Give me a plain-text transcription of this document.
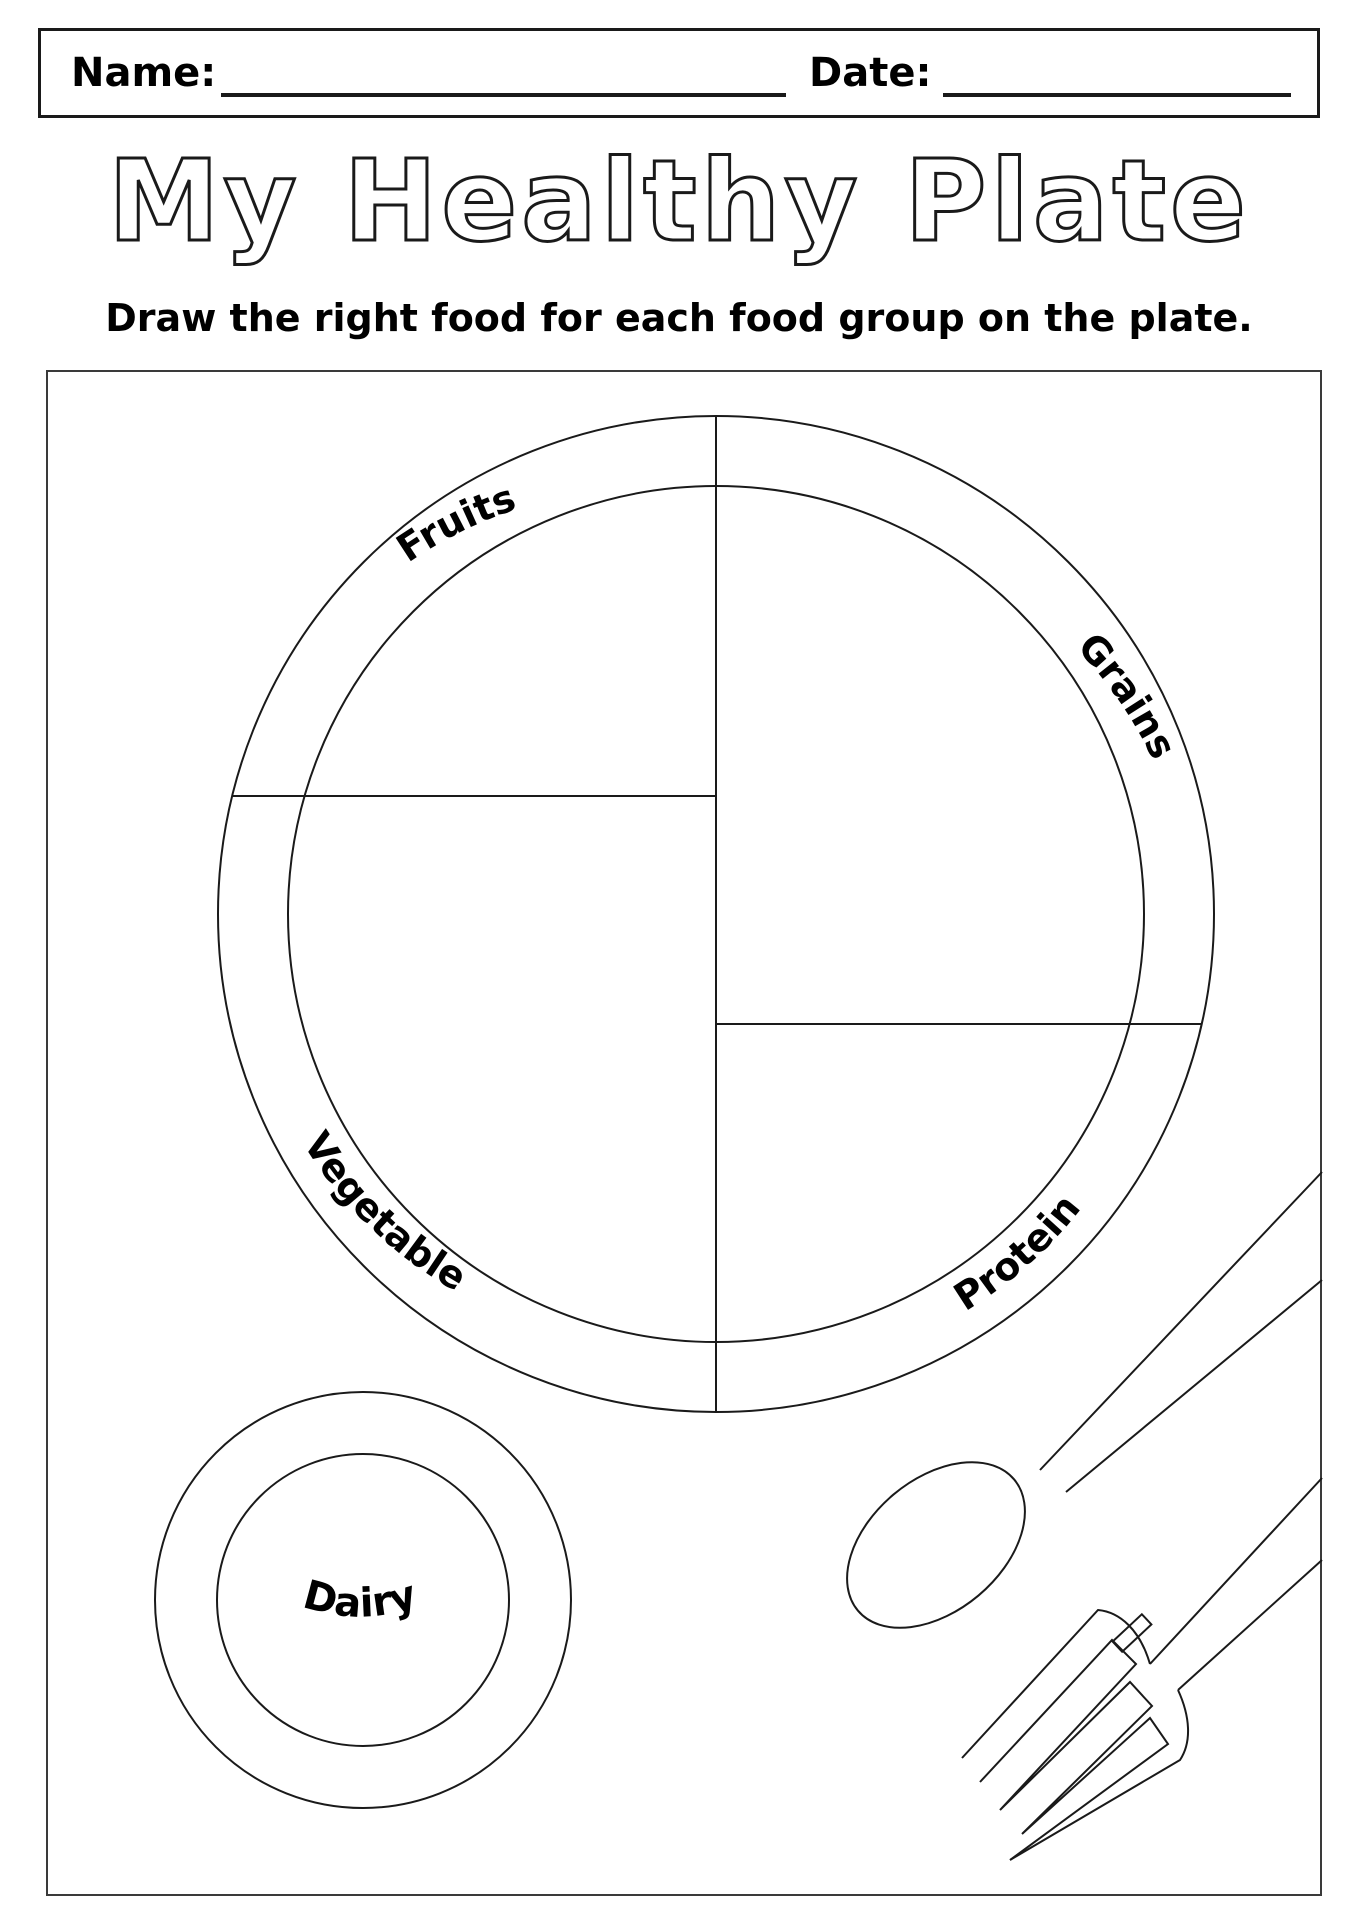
Name:	Date:
My Healthy Plate
Draw the right food for each food group on the plate.
Fruits
Grains
Vegetable	Protein
Dairy
